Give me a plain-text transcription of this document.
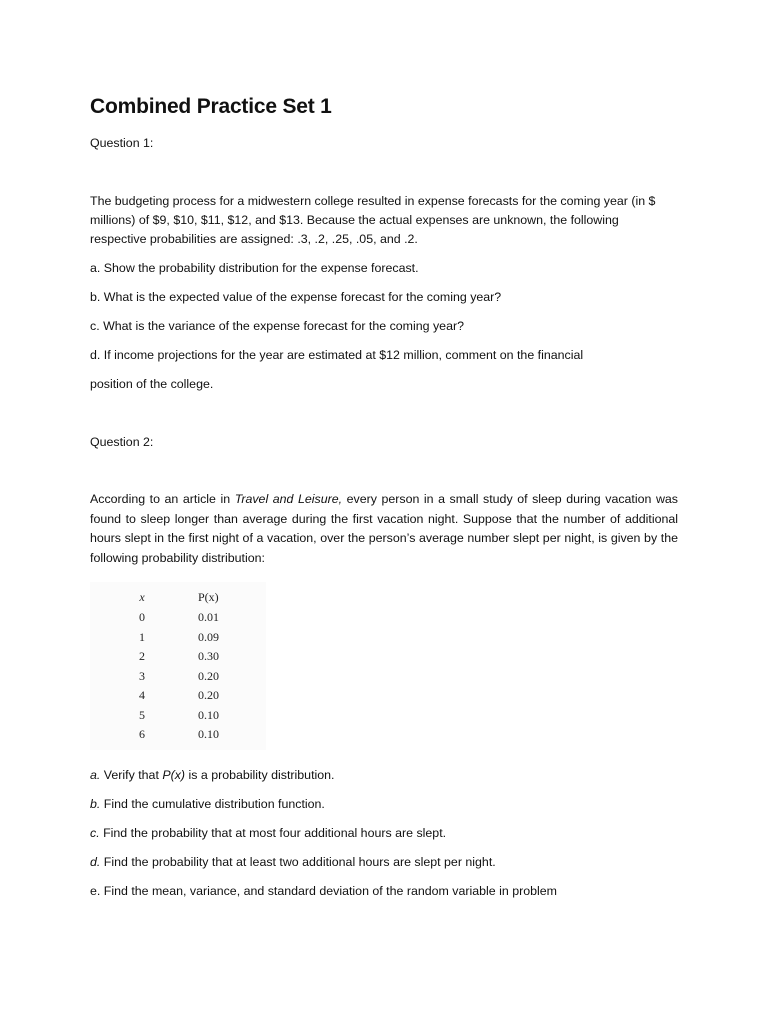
Combined Practice Set 1
Question 1:
The budgeting process for a midwestern college resulted in expense forecasts for the coming year (in $
millions) of $9, $10, $11, $12, and $13. Because the actual expenses are unknown, the following
respective probabilities are assigned: .3, .2, .25, .05, and .2.
a. Show the probability distribution for the expense forecast.
b. What is the expected value of the expense forecast for the coming year?
c. What is the variance of the expense forecast for the coming year?
d. If income projections for the year are estimated at $12 million, comment on the financial
position of the college.
Question 2:
According to an article in Travel and Leisure, every person in a small study of sleep during vacation was found to sleep longer than average during the first vacation night. Suppose that the number of additional hours slept in the first night of a vacation, over the person’s average number slept per night, is given by the following probability distribution:
x	P(x)
0	0.01
1	0.09
2	0.30
3	0.20
4	0.20
5	0.10
6	0.10
a. Verify that P(x) is a probability distribution.
b. Find the cumulative distribution function.
c. Find the probability that at most four additional hours are slept.
d. Find the probability that at least two additional hours are slept per night.
e. Find the mean, variance, and standard deviation of the random variable in problem
